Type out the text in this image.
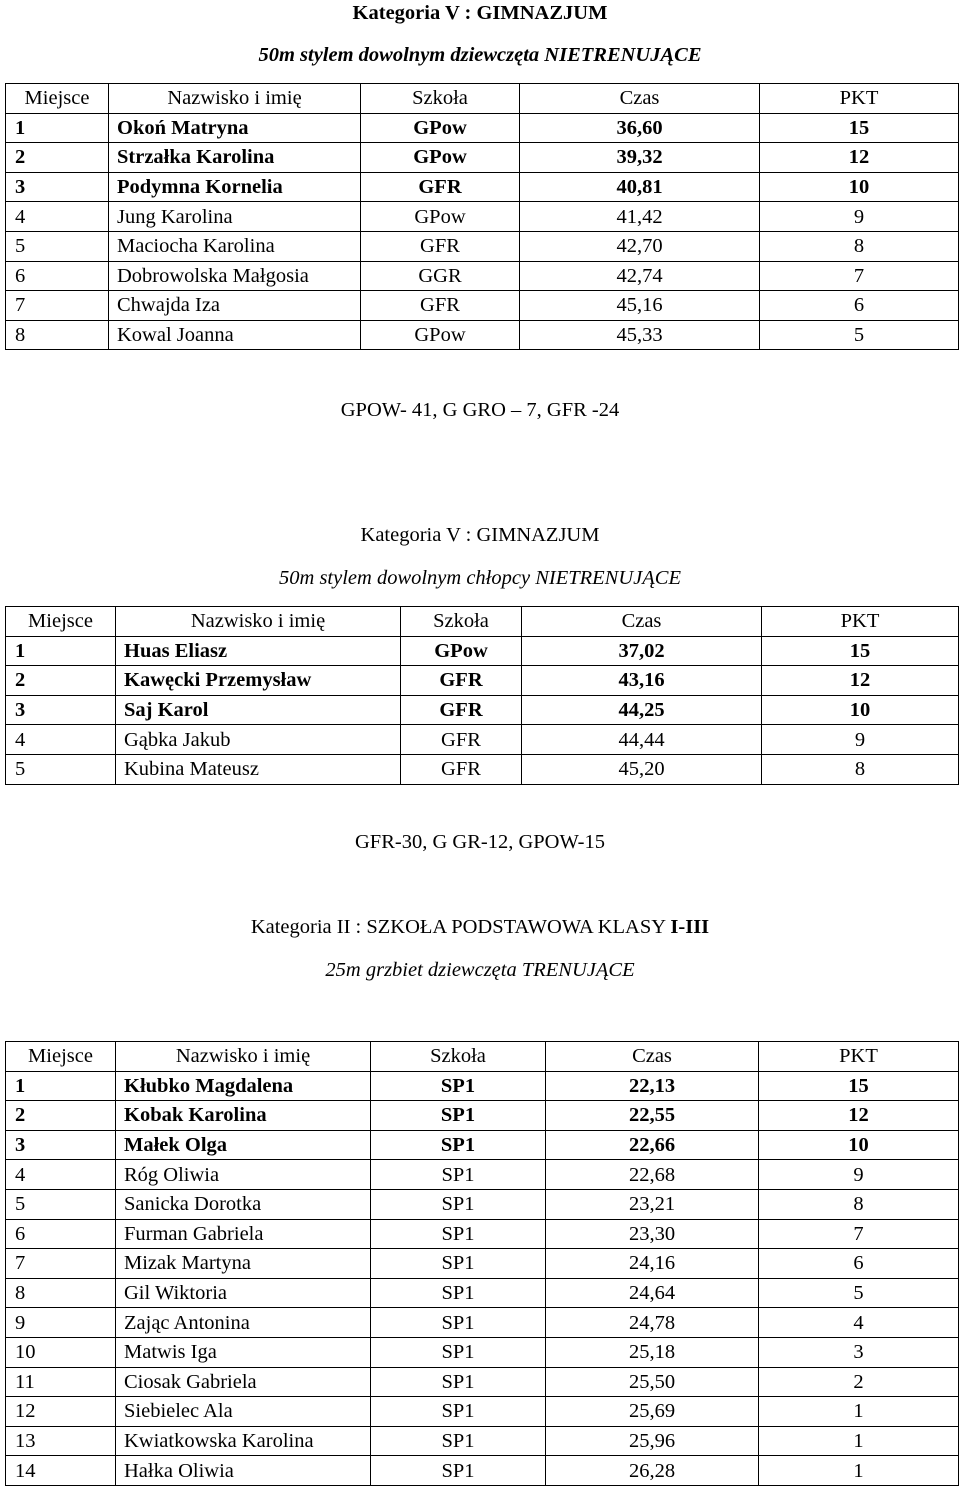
Kategoria V : GIMNAZJUM
50m stylem dowolnym dziewczęta NIETRENUJĄCE
Miejsce	Nazwisko i imię	Szkoła	Czas	PKT
1	Okoń Matryna	GPow	36,60	15
2	Strzałka Karolina	GPow	39,32	12
3	Podymna Kornelia	GFR	40,81	10
4	Jung Karolina	GPow	41,42	9
5	Maciocha Karolina	GFR	42,70	8
6	Dobrowolska Małgosia	GGR	42,74	7
7	Chwajda Iza	GFR	45,16	6
8	Kowal Joanna	GPow	45,33	5
GPOW- 41, G GRO – 7, GFR -24
Kategoria V : GIMNAZJUM
50m stylem dowolnym chłopcy NIETRENUJĄCE
Miejsce	Nazwisko i imię	Szkoła	Czas	PKT
1	Huas Eliasz	GPow	37,02	15
2	Kawęcki Przemysław	GFR	43,16	12
3	Saj Karol	GFR	44,25	10
4	Gąbka Jakub	GFR	44,44	9
5	Kubina Mateusz	GFR	45,20	8
GFR-30, G GR-12, GPOW-15
Kategoria II : SZKOŁA PODSTAWOWA KLASY I-III
25m grzbiet dziewczęta TRENUJĄCE
Miejsce	Nazwisko i imię	Szkoła	Czas	PKT
1	Kłubko Magdalena	SP1	22,13	15
2	Kobak Karolina	SP1	22,55	12
3	Małek Olga	SP1	22,66	10
4	Róg Oliwia	SP1	22,68	9
5	Sanicka Dorotka	SP1	23,21	8
6	Furman Gabriela	SP1	23,30	7
7	Mizak Martyna	SP1	24,16	6
8	Gil Wiktoria	SP1	24,64	5
9	Zając Antonina	SP1	24,78	4
10	Matwis Iga	SP1	25,18	3
11	Ciosak Gabriela	SP1	25,50	2
12	Siebielec Ala	SP1	25,69	1
13	Kwiatkowska Karolina	SP1	25,96	1
14	Hałka Oliwia	SP1	26,28	1
